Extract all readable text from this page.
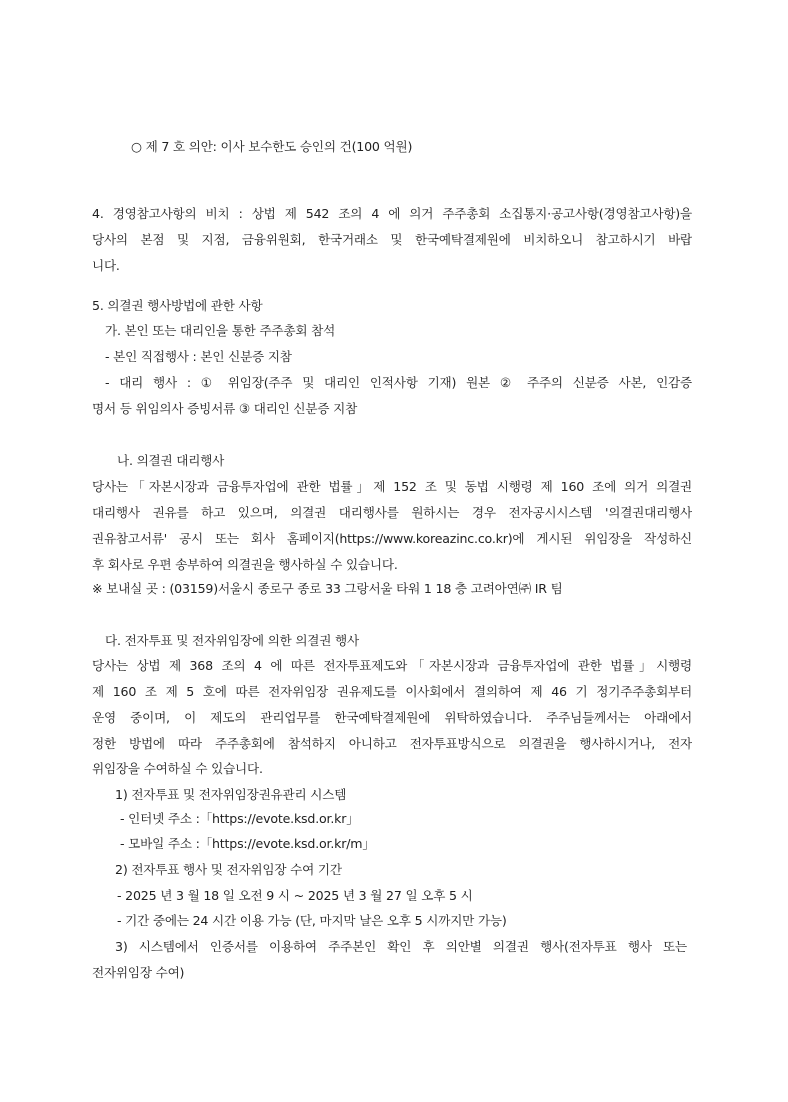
○ 제 7 호 의안: 이사 보수한도 승인의 건(100 억원)
4. 경영참고사항의 비치 : 상법 제 542 조의 4 에 의거 주주총회 소집통지·공고사항(경영참고사항)을
당사의 본점 및 지점, 금융위원회, 한국거래소 및 한국예탁결제원에 비치하오니 참고하시기 바랍
니다.
5. 의결권 행사방법에 관한 사항
가. 본인 또는 대리인을 통한 주주총회 참석
- 본인 직접행사 : 본인 신분증 지참
- 대리 행사 : ① 위임장(주주 및 대리인 인적사항 기재) 원본 ② 주주의 신분증 사본, 인감증
명서 등 위임의사 증빙서류 ③ 대리인 신분증 지참
나. 의결권 대리행사
당사는「자본시장과 금융투자업에 관한 법률」제 152 조 및 동법 시행령 제 160 조에 의거 의결권
대리행사 권유를 하고 있으며, 의결권 대리행사를 원하시는 경우 전자공시시스템 '의결권대리행사
권유참고서류' 공시 또는 회사 홈페이지(https://www.koreazinc.co.kr)에 게시된 위임장을 작성하신
후 회사로 우편 송부하여 의결권을 행사하실 수 있습니다.
※ 보내실 곳 : (03159)서울시 종로구 종로 33 그랑서울 타워 1 18 층 고려아연㈜ IR 팀
다. 전자투표 및 전자위임장에 의한 의결권 행사
당사는 상법 제 368 조의 4 에 따른 전자투표제도와「자본시장과 금융투자업에 관한 법률」시행령
제 160 조 제 5 호에 따른 전자위임장 권유제도를 이사회에서 결의하여 제 46 기 정기주주총회부터
운영 중이며, 이 제도의 관리업무를 한국예탁결제원에 위탁하였습니다. 주주님들께서는 아래에서
정한 방법에 따라 주주총회에 참석하지 아니하고 전자투표방식으로 의결권을 행사하시거나, 전자
위임장을 수여하실 수 있습니다.
1) 전자투표 및 전자위임장권유관리 시스템
- 인터넷 주소 :「https://evote.ksd.or.kr」
- 모바일 주소 :「https://evote.ksd.or.kr/m」
2) 전자투표 행사 및 전자위임장 수여 기간
- 2025 년 3 월 18 일 오전 9 시 ~ 2025 년 3 월 27 일 오후 5 시
- 기간 중에는 24 시간 이용 가능 (단, 마지막 날은 오후 5 시까지만 가능)
3) 시스템에서 인증서를 이용하여 주주본인 확인 후 의안별 의결권 행사(전자투표 행사 또는
전자위임장 수여)
